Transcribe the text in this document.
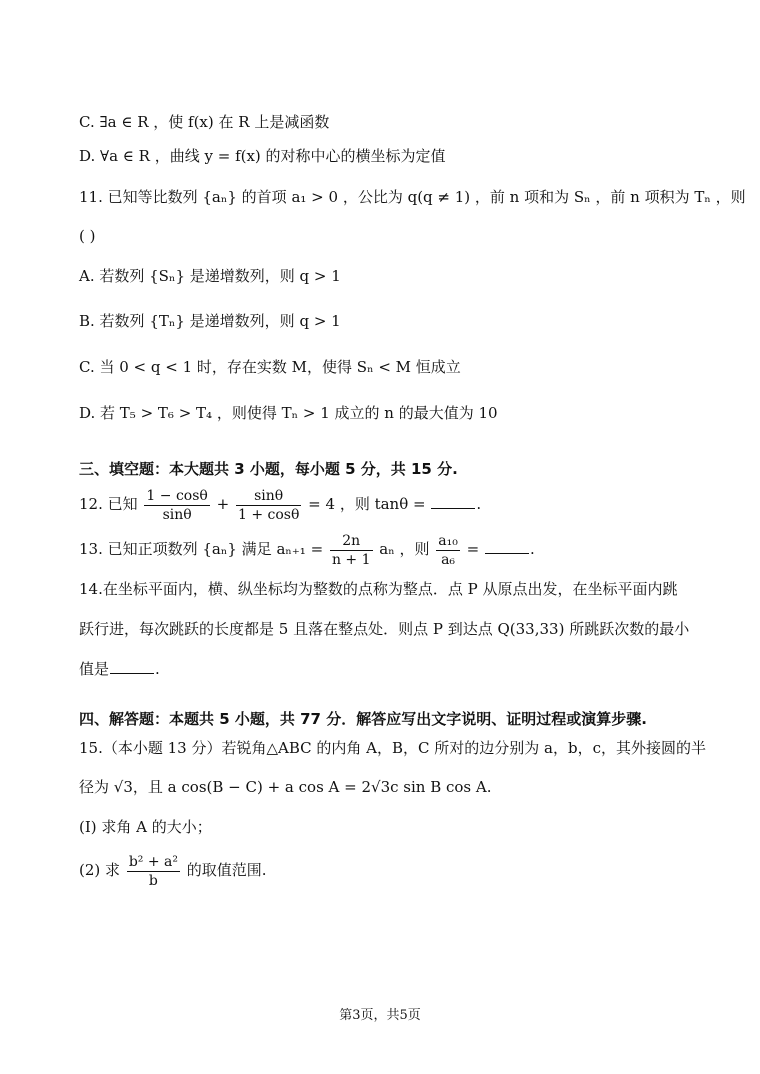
C. ∃a ∈ R ，使 f(x) 在 R 上是减函数
D. ∀a ∈ R ，曲线 y = f(x) 的对称中心的横坐标为定值
11. 已知等比数列 {aₙ} 的首项 a₁ > 0 ，公比为 q(q ≠ 1) ，前 n 项和为 Sₙ ，前 n 项积为 Tₙ ，则
( )
A. 若数列 {Sₙ} 是递增数列，则 q > 1
B. 若数列 {Tₙ} 是递增数列，则 q > 1
C. 当 0 < q < 1 时，存在实数 M，使得 Sₙ < M 恒成立
D. 若 T₅ > T₆ > T₄ ，则使得 Tₙ > 1 成立的 n 的最大值为 10
三、填空题：本大题共 3 小题，每小题 5 分，共 15 分.
12. 已知 $\frac{1 - \cos\theta}{\sin\theta} + \frac{\sin\theta}{1 + \cos\theta} = 4$ ，则 tanθ =	.
13. 已知正项数列 {aₙ} 满足 $a_{n+1} = \frac{2n}{n + 1}$ aₙ ，则 $\frac{\text{a₁₀}}{\text{a₆}}$ =	.
14.在坐标平面内，横、纵坐标均为整数的点称为整点．点 P 从原点出发，在坐标平面内跳
跃行进，每次跳跃的长度都是 5 且落在整点处．则点 P 到达点 Q(33,33) 所跳跃次数的最小
值是	.
四、解答题：本题共 5 小题，共 77 分．解答应写出文字说明、证明过程或演算步骤.
15.（本小题 13 分）若锐角△ABC 的内角 A，B，C 所对的边分别为 a，b，c，其外接圆的半
径为 √3，且 a cos(B − C) + a cos A = 2√3c sin B cos A.
(Ⅰ) 求角 A 的大小；
(2) 求 $\frac{\text{b² + a²}}{b}$ 的取值范围.
第3页，共5页
